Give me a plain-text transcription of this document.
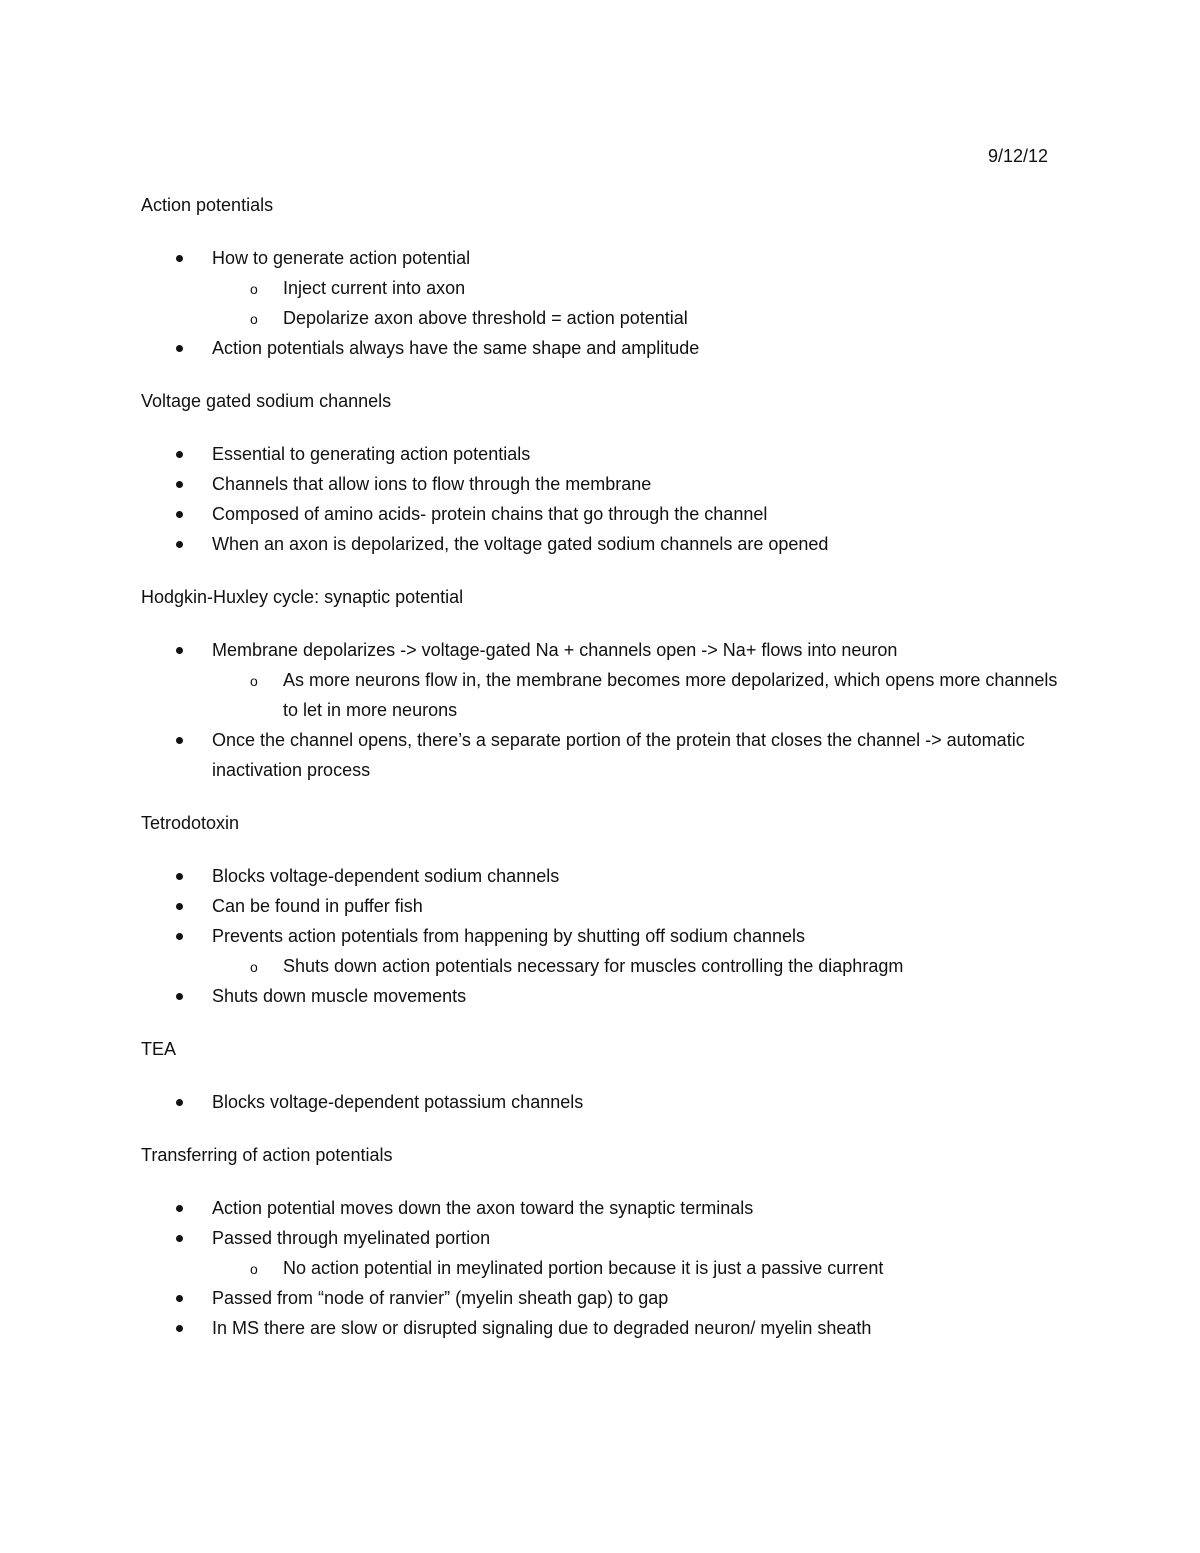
9/12/12
Action potentials
How to generate action potential
o Inject current into axon
o Depolarize axon above threshold = action potential
Action potentials always have the same shape and amplitude
Voltage gated sodium channels
Essential to generating action potentials
Channels that allow ions to flow through the membrane
Composed of amino acids- protein chains that go through the channel
When an axon is depolarized, the voltage gated sodium channels are opened
Hodgkin-Huxley cycle: synaptic potential
Membrane depolarizes -> voltage-gated Na + channels open -> Na+ flows into neuron
o As more neurons flow in, the membrane becomes more depolarized, which opens more channels to let in more neurons
Once the channel opens, there’s a separate portion of the protein that closes the channel -> automatic inactivation process
Tetrodotoxin
Blocks voltage-dependent sodium channels
Can be found in puffer fish
Prevents action potentials from happening by shutting off sodium channels
o Shuts down action potentials necessary for muscles controlling the diaphragm
Shuts down muscle movements
TEA
Blocks voltage-dependent potassium channels
Transferring of action potentials
Action potential moves down the axon toward the synaptic terminals
Passed through myelinated portion
o No action potential in meylinated portion because it is just a passive current
Passed from “node of ranvier” (myelin sheath gap) to gap
In MS there are slow or disrupted signaling due to degraded neuron/ myelin sheath
